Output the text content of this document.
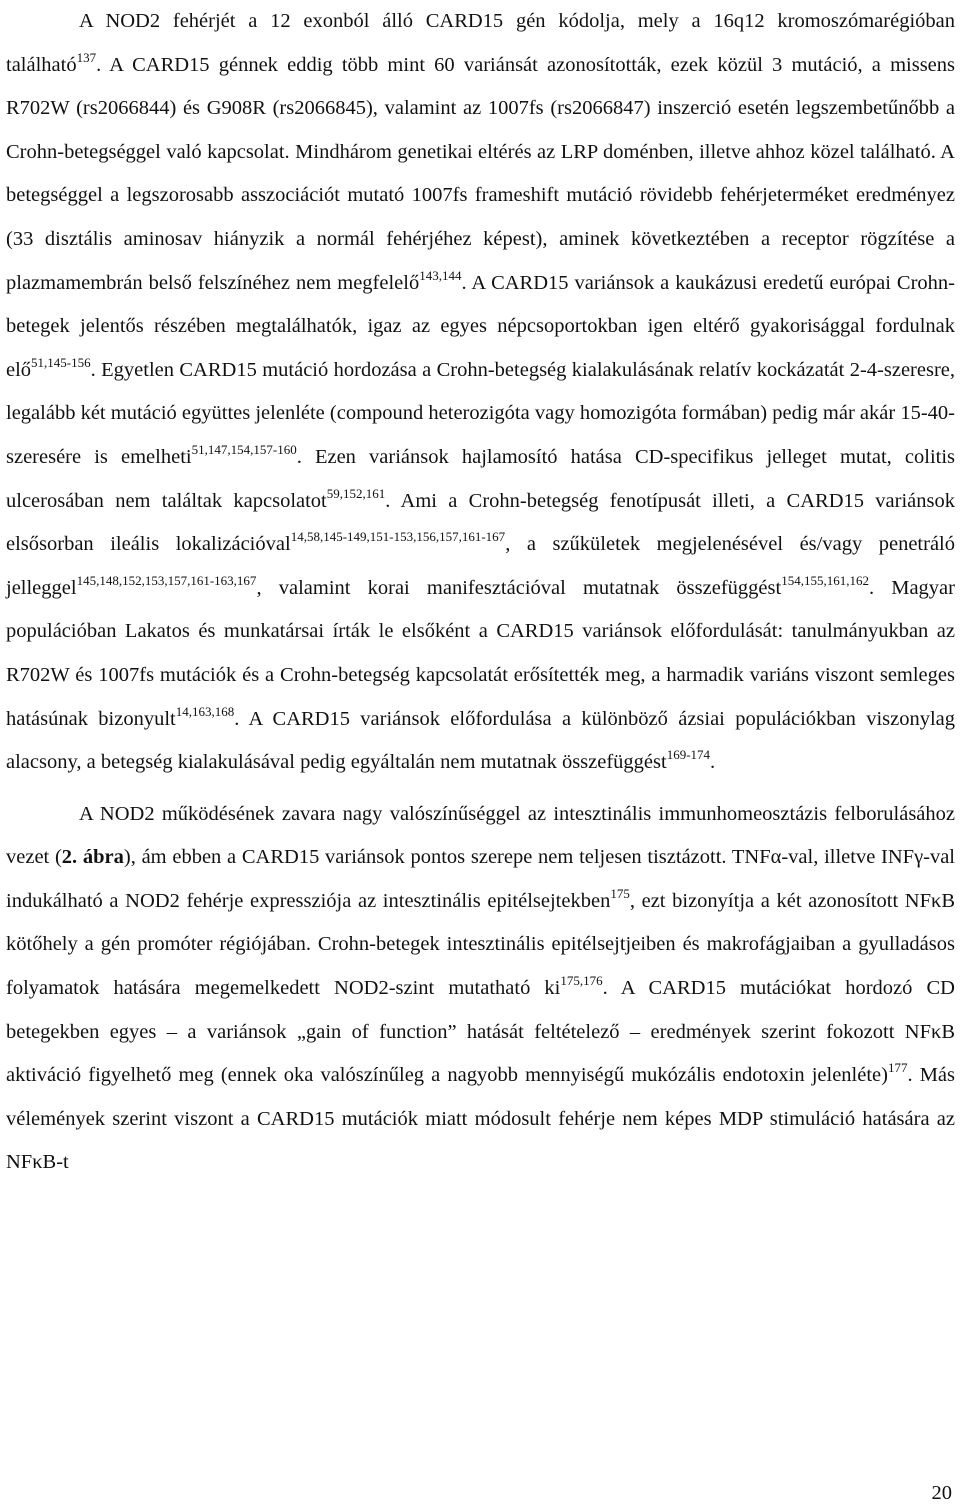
A NOD2 fehérjét a 12 exonból álló CARD15 gén kódolja, mely a 16q12 kromoszómarégióban található$^{137}$. A CARD15 génnek eddig több mint 60 variánsát azonosították, ezek közül 3 mutáció, a missens R702W (rs2066844) és G908R (rs2066845), valamint az 1007fs (rs2066847) inszerció esetén legszembetűnőbb a Crohn-betegséggel való kapcsolat. Mindhárom genetikai eltérés az LRP doménben, illetve ahhoz közel található. A betegséggel a legszorosabb asszociációt mutató 1007fs frameshift mutáció rövidebb fehérjeterméket eredményez (33 disztális aminosav hiányzik a normál fehérjéhez képest), aminek következtében a receptor rögzítése a plazmamembrán belső felszínéhez nem megfelelő$^{143,144}$. A CARD15 variánsok a kaukázusi eredetű európai Crohn-betegek jelentős részében megtalálhatók, igaz az egyes népcsoportokban igen eltérő gyakorisággal fordulnak elő$^{51,145-156}$. Egyetlen CARD15 mutáció hordozása a Crohn-betegség kialakulásának relatív kockázatát 2-4-szeresre, legalább két mutáció együttes jelenléte (compound heterozigóta vagy homozigóta formában) pedig már akár 15-40-szeresére is emelheti$^{51,147,154,157-160}$. Ezen variánsok hajlamosító hatása CD-specifikus jelleget mutat, colitis ulcerosában nem találtak kapcsolatot$^{59,152,161}$. Ami a Crohn-betegség fenotípusát illeti, a CARD15 variánsok elsősorban ileális lokalizációval$^{14,58,145-149,151-153,156,157,161-167}$, a szűkületek megjelenésével és/vagy penetráló jelleggel$^{145,148,152,153,157,161-163,167}$, valamint korai manifesztációval mutatnak összefüggést$^{154,155,161,162}$. Magyar populációban Lakatos és munkatársai írták le elsőként a CARD15 variánsok előfordulását: tanulmányukban az R702W és 1007fs mutációk és a Crohn-betegség kapcsolatát erősítették meg, a harmadik variáns viszont semleges hatásúnak bizonyult$^{14,163,168}$. A CARD15 variánsok előfordulása a különböző ázsiai populációkban viszonylag alacsony, a betegség kialakulásával pedig egyáltalán nem mutatnak összefüggést$^{169-174}$.

A NOD2 működésének zavara nagy valószínűséggel az intesztinális immunhomeosztázis felborulásához vezet (2. ábra), ám ebben a CARD15 variánsok pontos szerepe nem teljesen tisztázott. TNFα-val, illetve INFγ-val indukálható a NOD2 fehérje expressziója az intesztinális epitélsejtekben$^{175}$, ezt bizonyítja a két azonosított NFκB kötőhely a gén promóter régiójában. Crohn-betegek intesztinális epitélsejtjeiben és makrofágjaiban a gyulladásos folyamatok hatására megemelkedett NOD2-szint mutatható ki$^{175,176}$. A CARD15 mutációkat hordozó CD betegekben egyes – a variánsok „gain of function” hatását feltételező – eredmények szerint fokozott NFκB aktiváció figyelhető meg (ennek oka valószínűleg a nagyobb mennyiségű mukózális endotoxin jelenléte)$^{177}$. Más vélemények szerint viszont a CARD15 mutációk miatt módosult fehérje nem képes MDP stimuláció hatására az NFκB-t

20
